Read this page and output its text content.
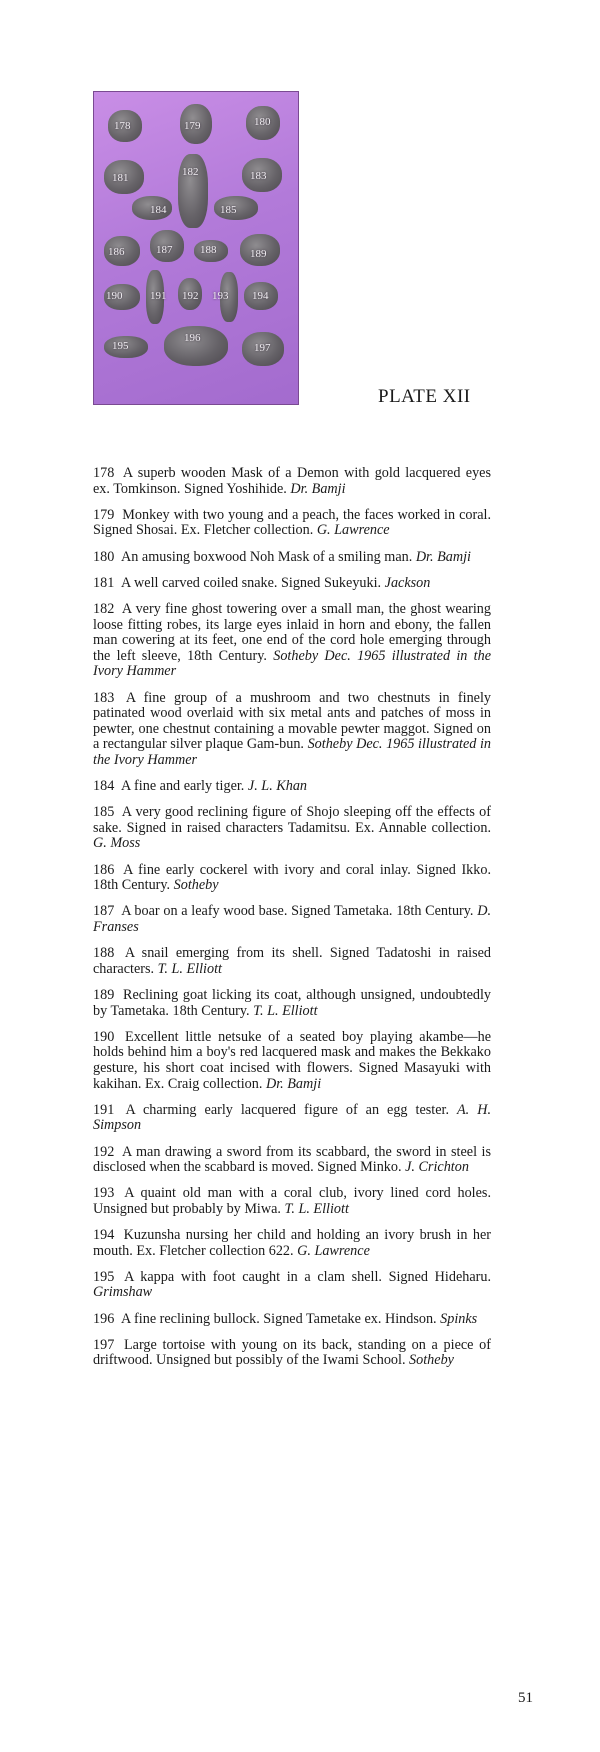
178	179	180
181	182	183
184	185
186	187	188	189
190	191 192 193 194
195
196
197
PLATE XII

178 A superb wooden Mask of a Demon with gold lacquered eyes ex. Tomkinson. Signed Yoshihide. Dr. Bamji

179 Monkey with two young and a peach, the faces worked in coral. Signed Shosai. Ex. Fletcher collection. G. Lawrence

180 An amusing boxwood Noh Mask of a smiling man. Dr. Bamji

181 A well carved coiled snake. Signed Sukeyuki. Jackson

182 A very fine ghost towering over a small man, the ghost wearing loose fitting robes, its large eyes inlaid in horn and ebony, the fallen man cowering at its feet, one end of the cord hole emerging through the left sleeve, 18th Century. Sotheby Dec. 1965 illustrated in the Ivory Hammer

183 A fine group of a mushroom and two chestnuts in finely patinated wood overlaid with six metal ants and patches of moss in pewter, one chestnut containing a movable pewter maggot. Signed on a rectangular silver plaque Gam-bun. Sotheby Dec. 1965 illustrated in the Ivory Hammer

184 A fine and early tiger. J. L. Khan

185 A very good reclining figure of Shojo sleeping off the effects of sake. Signed in raised characters Tadamitsu. Ex. Annable collection. G. Moss

186 A fine early cockerel with ivory and coral inlay. Signed Ikko. 18th Century. Sotheby

187 A boar on a leafy wood base. Signed Tametaka. 18th Century. D. Franses

188 A snail emerging from its shell. Signed Tadatoshi in raised characters. T. L. Elliott

189 Reclining goat licking its coat, although unsigned, undoubtedly by Tametaka. 18th Century. T. L. Elliott

190 Excellent little netsuke of a seated boy playing akambe—he holds behind him a boy's red lacquered mask and makes the Bekkako gesture, his short coat incised with flowers. Signed Masayuki with kakihan. Ex. Craig collection. Dr. Bamji

191 A charming early lacquered figure of an egg tester. A. H. Simpson

192 A man drawing a sword from its scabbard, the sword in steel is disclosed when the scabbard is moved. Signed Minko. J. Crichton

193 A quaint old man with a coral club, ivory lined cord holes. Unsigned but probably by Miwa. T. L. Elliott

194 Kuzunsha nursing her child and holding an ivory brush in her mouth. Ex. Fletcher collection 622. G. Lawrence

195 A kappa with foot caught in a clam shell. Signed Hideharu. Grimshaw

196 A fine reclining bullock. Signed Tametake ex. Hindson. Spinks

197 Large tortoise with young on its back, standing on a piece of driftwood. Unsigned but possibly of the Iwami School. Sotheby

51
